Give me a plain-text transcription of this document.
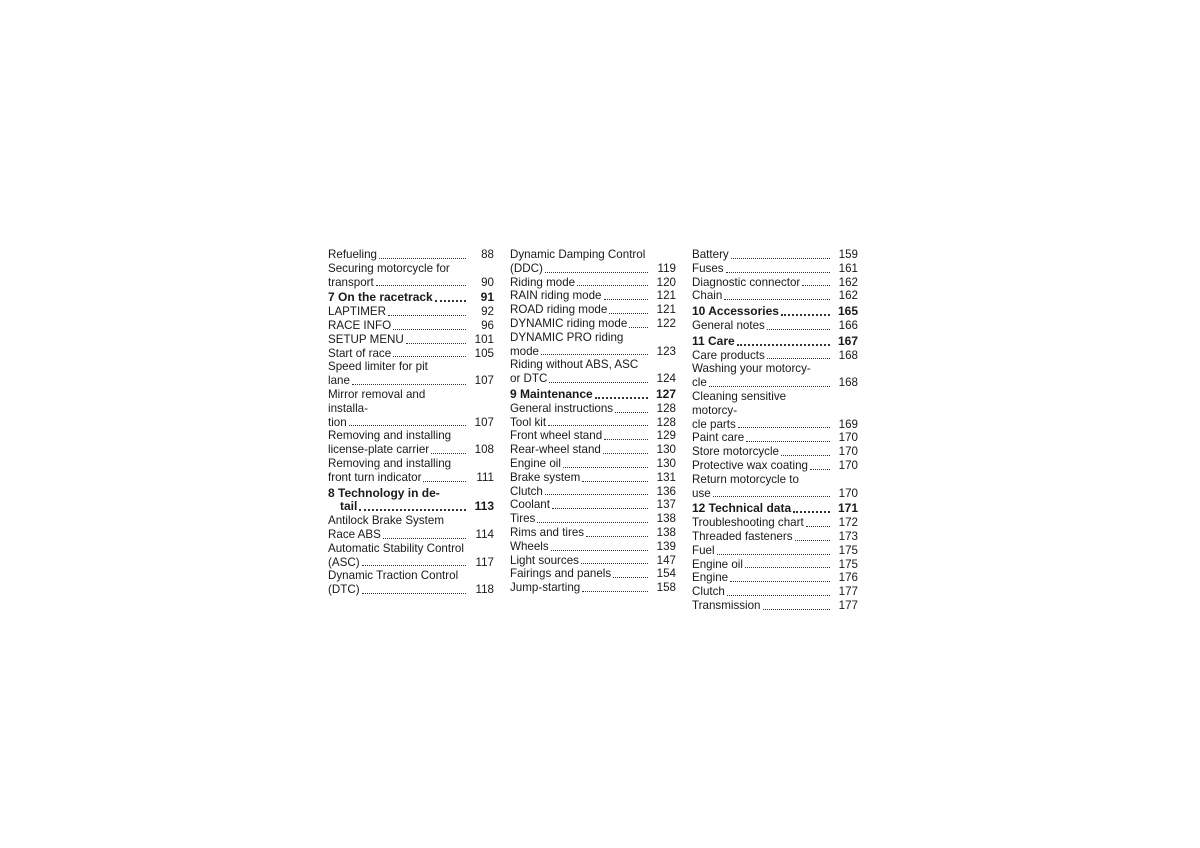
Refueling	88
Securing motorcycle for
transport	90
7 On the racetrack	91
LAPTIMER	92
RACE INFO	96
SETUP MENU	101
Start of race	105
Speed limiter for pit
lane	107
Mirror removal and installa-
tion	107
Removing and installing
license-plate carrier	108
Removing and installing
front turn indicator	111
8 Technology in de-
tail	113
Antilock Brake System
Race ABS	114
Automatic Stability Control
(ASC)	117
Dynamic Traction Control
(DTC)	118
Dynamic Damping Control
(DDC)	119
Riding mode	120
RAIN riding mode	121
ROAD riding mode	121
DYNAMIC riding mode	122
DYNAMIC PRO riding
mode	123
Riding without ABS, ASC
or DTC	124
9 Maintenance	127
General instructions	128
Tool kit	128
Front wheel stand	129
Rear-wheel stand	130
Engine oil	130
Brake system	131
Clutch	136
Coolant	137
Tires	138
Rims and tires	138
Wheels	139
Light sources	147
Fairings and panels	154
Jump-starting	158
Battery	159
Fuses	161
Diagnostic connector	162
Chain	162
10 Accessories	165
General notes	166
11 Care	167
Care products	168
Washing your motorcy-
cle	168
Cleaning sensitive motorcy-
cle parts	169
Paint care	170
Store motorcycle	170
Protective wax coating	170
Return motorcycle to
use	170
12 Technical data	171
Troubleshooting chart	172
Threaded fasteners	173
Fuel	175
Engine oil	175
Engine	176
Clutch	177
Transmission	177
